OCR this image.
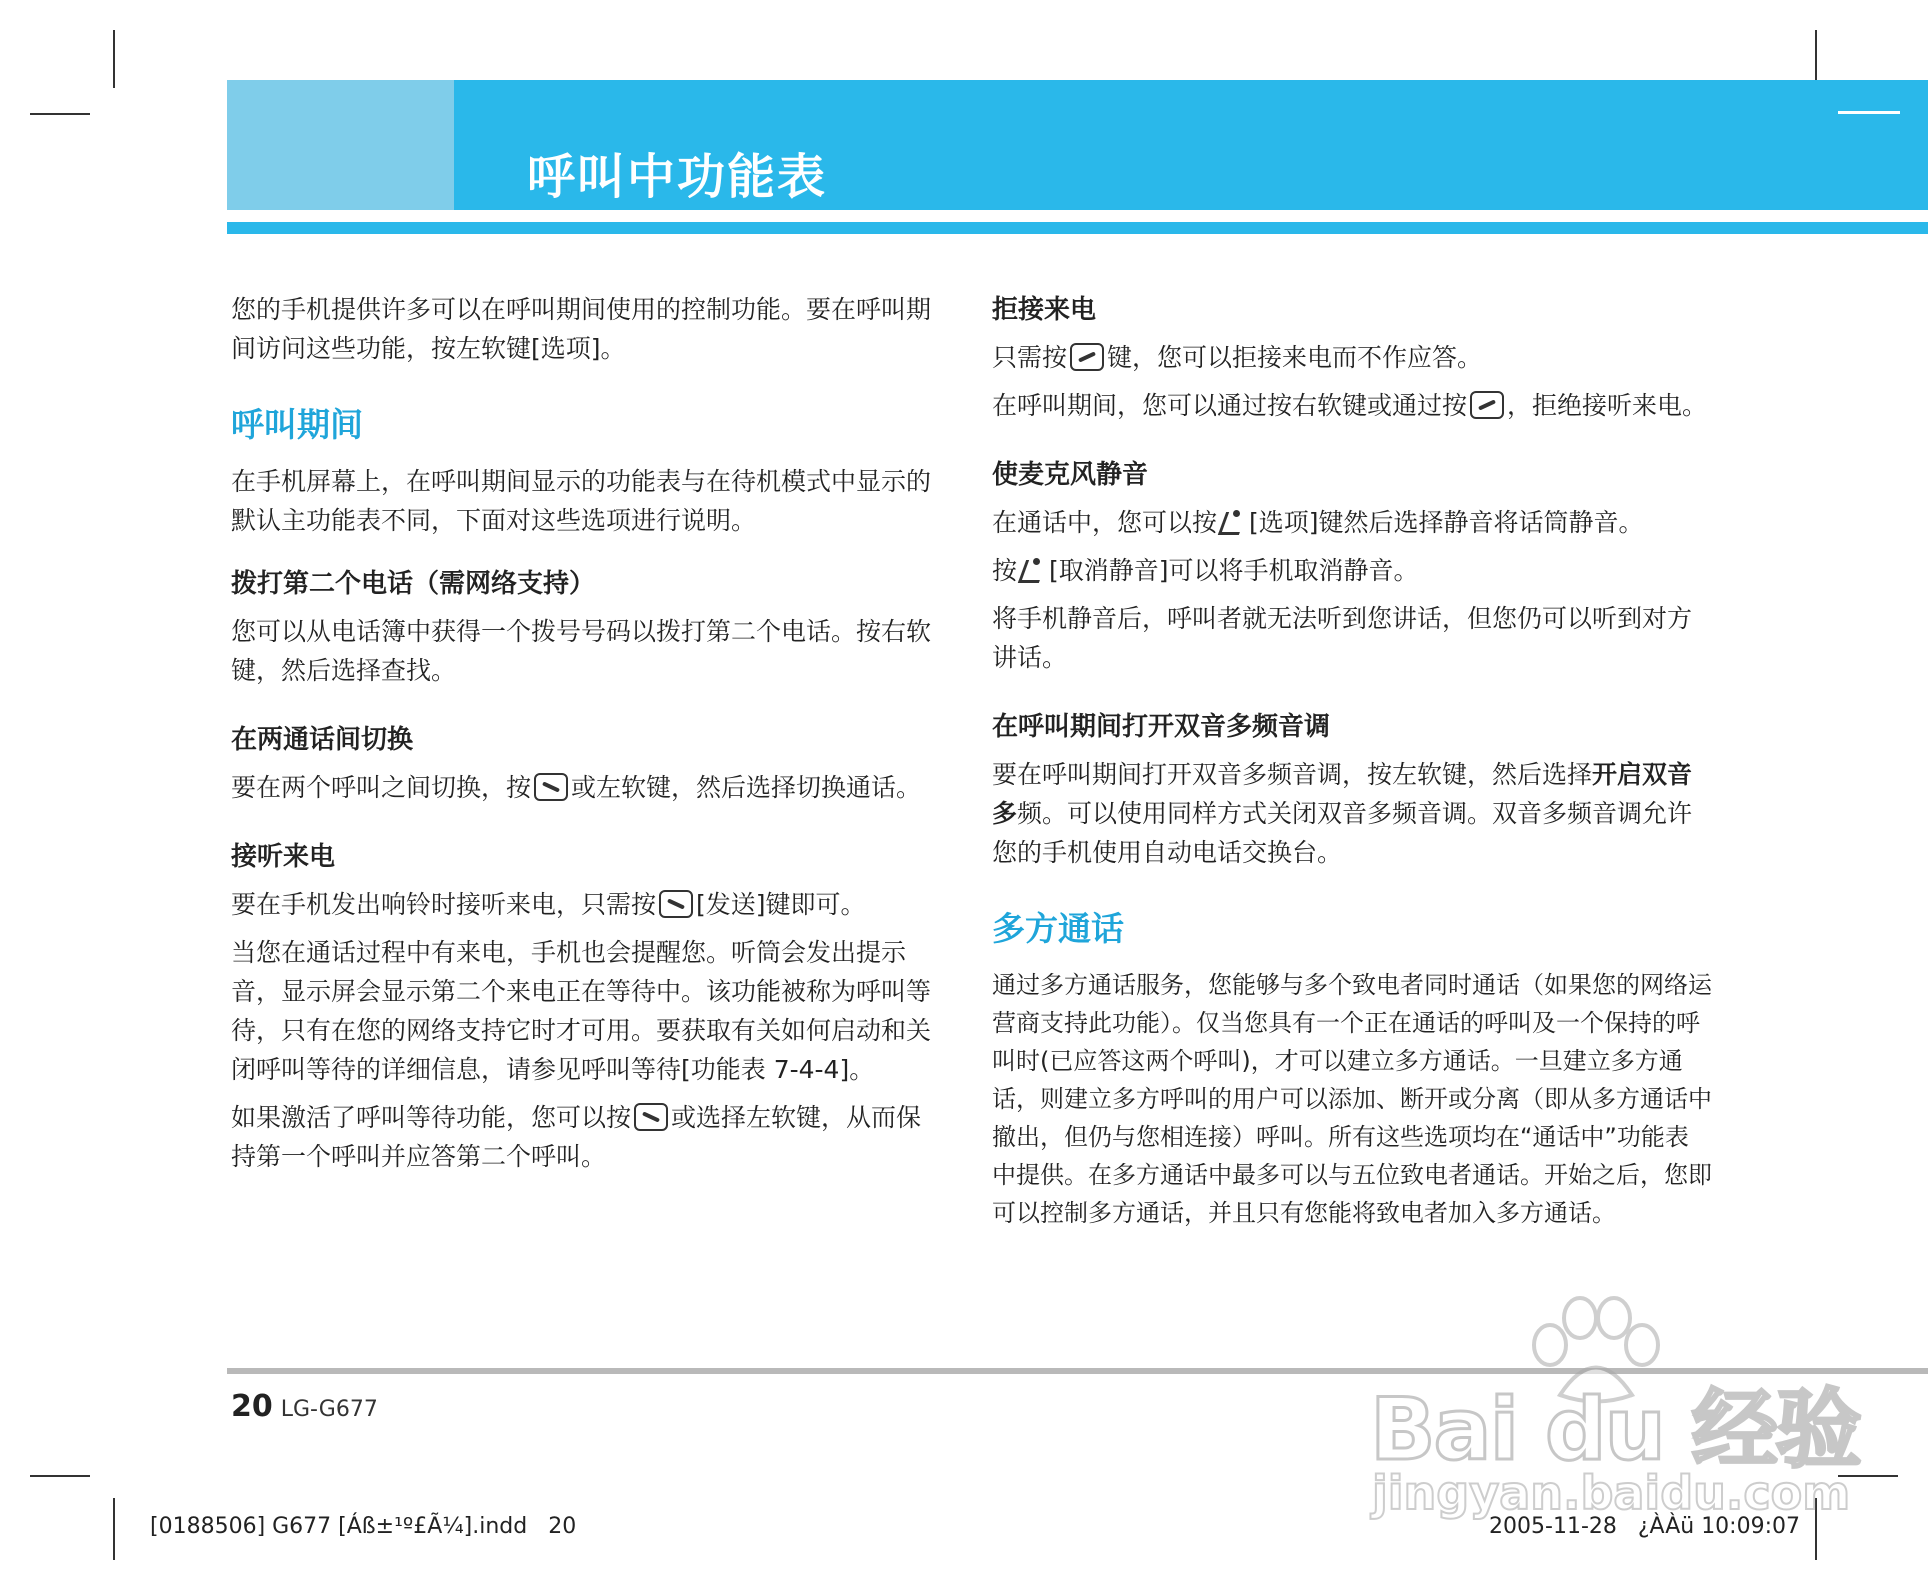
呼叫中功能表

您的手机提供许多可以在呼叫期间使用的控制功能。要在呼叫期间访问这些功能，按左软键[选项]。

呼叫期间

在手机屏幕上，在呼叫期间显示的功能表与在待机模式中显示的默认主功能表不同，下面对这些选项进行说明。

拨打第二个电话（需网络支持）

您可以从电话簿中获得一个拨号号码以拨打第二个电话。按右软键，然后选择查找。

在两通话间切换

要在两个呼叫之间切换，按 或左软键，然后选择切换通话。

接听来电

要在手机发出响铃时接听来电，只需按 [发送]键即可。

当您在通话过程中有来电，手机也会提醒您。听筒会发出提示音，显示屏会显示第二个来电正在等待中。该功能被称为呼叫等待，只有在您的网络支持它时才可用。要获取有关如何启动和关闭呼叫等待的详细信息，请参见呼叫等待[功能表 7-4-4]。

如果激活了呼叫等待功能，您可以按 或选择左软键，从而保持第一个呼叫并应答第二个呼叫。

拒接来电

只需按 键，您可以拒接来电而不作应答。

在呼叫期间，您可以通过按右软键或通过按 ，拒绝接听来电。

使麦克风静音

在通话中，您可以按 [选项]键然后选择静音将话筒静音。

按 [取消静音]可以将手机取消静音。

将手机静音后，呼叫者就无法听到您讲话，但您仍可以听到对方讲话。

在呼叫期间打开双音多频音调

要在呼叫期间打开双音多频音调，按左软键，然后选择开启双音多频。可以使用同样方式关闭双音多频音调。双音多频音调允许您的手机使用自动电话交换台。

多方通话

通过多方通话服务，您能够与多个致电者同时通话（如果您的网络运营商支持此功能）。仅当您具有一个正在通话的呼叫及一个保持的呼叫时(已应答这两个呼叫)，才可以建立多方通话。一旦建立多方通话，则建立多方呼叫的用户可以添加、断开或分离（即从多方通话中撤出，但仍与您相连接）呼叫。所有这些选项均在“通话中”功能表中提供。在多方通话中最多可以与五位致电者通话。开始之后，您即可以控制多方通话，并且只有您能将致电者加入多方通话。

20 LG-G677
[0188506] G677 [Áß±¹º£Ã¼].indd   20	2005-11-28   ¿ÀÀü 10:09:07
Bai du 经验
jingyan.baidu.com
